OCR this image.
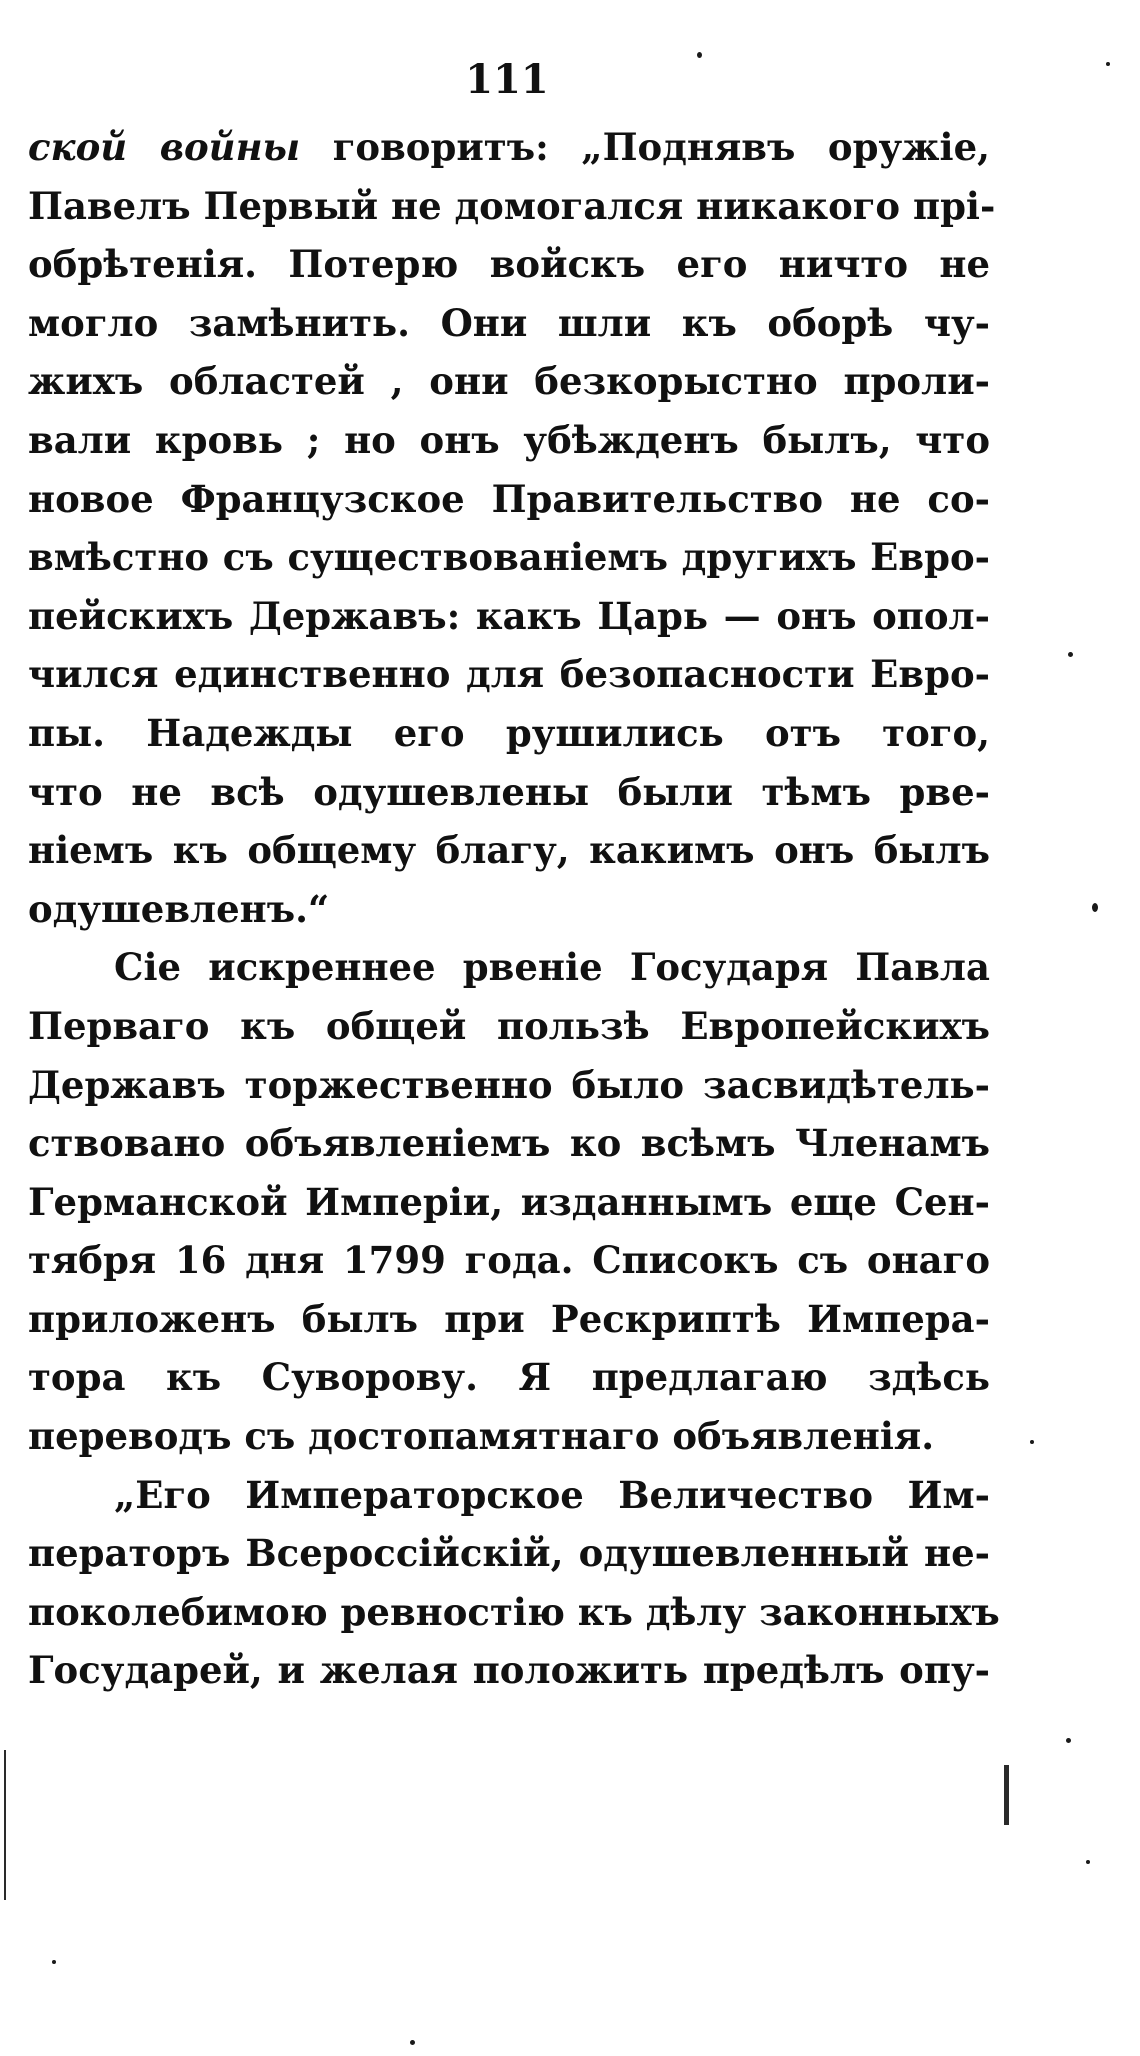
111
ской войны говоритъ: „Поднявъ оружіе,
Павелъ Первый не домогался никакого прі-
обрѣтенія. Потерю войскъ его ничто не
могло замѣнить. Они шли къ оборѣ чу-
жихъ областей , они безкорыстно проли-
вали кровь ; но онъ убѣжденъ былъ, что
новое Французское Правительство не со-
вмѣстно съ существованіемъ другихъ Евро-
пейскихъ Державъ: какъ Царь — онъ опол-
чился единственно для безопасности Евро-
пы. Надежды его рушились отъ того,
что не всѣ одушевлены были тѣмъ рве-
ніемъ къ общему благу, какимъ онъ былъ
одушевленъ.“
Сіе искреннее рвеніе Государя Павла
Перваго къ общей пользѣ Европейскихъ
Державъ торжественно было засвидѣтель-
ствовано объявленіемъ ко всѣмъ Членамъ
Германской Имперіи, изданнымъ еще Сен-
тября 16 дня 1799 года. Списокъ съ онаго
приложенъ былъ при Рескриптѣ Импера-
тора къ Суворову. Я предлагаю здѣсь
переводъ съ достопамятнаго объявленія.
„Его Императорское Величество Им-
ператоръ Всероссійскій, одушевленный не-
поколебимою ревностію къ дѣлу законныхъ
Государей, и желая положить предѣлъ опу-
